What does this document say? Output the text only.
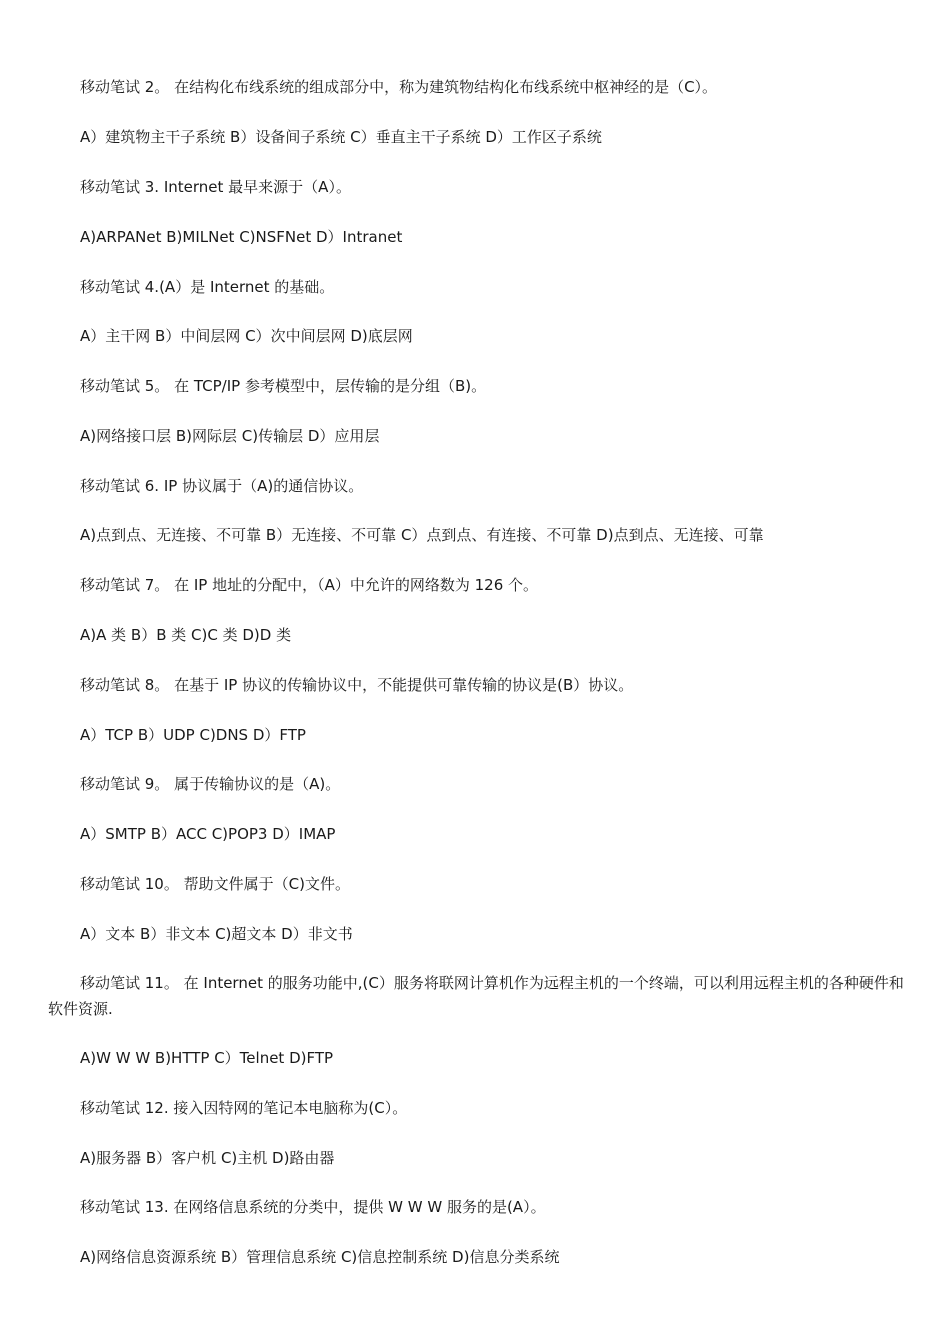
移动笔试 2。 在结构化布线系统的组成部分中，称为建筑物结构化布线系统中枢神经的是（C）。
A）建筑物主干子系统 B）设备间子系统 C）垂直主干子系统 D）工作区子系统
移动笔试 3. Internet 最早来源于（A）。
A)ARPANet B)MILNet C)NSFNet D）Intranet
移动笔试 4.(A）是 Internet 的基础。
A）主干网 B）中间层网 C）次中间层网 D)底层网
移动笔试 5。 在 TCP/IP 参考模型中，层传输的是分组（B)。
A)网络接口层 B)网际层 C)传输层 D）应用层
移动笔试 6. IP 协议属于（A)的通信协议。
A)点到点、无连接、不可靠 B）无连接、不可靠 C）点到点、有连接、不可靠 D)点到点、无连接、可靠
移动笔试 7。 在 IP 地址的分配中，（A）中允许的网络数为 126 个。
A)A 类 B）B 类 C)C 类 D)D 类
移动笔试 8。 在基于 IP 协议的传输协议中，不能提供可靠传输的协议是(B）协议。
A）TCP B）UDP C)DNS D）FTP
移动笔试 9。 属于传输协议的是（A)。
A）SMTP B）ACC C)POP3 D）IMAP
移动笔试 10。 帮助文件属于（C)文件。
A）文本 B）非文本 C)超文本 D）非文书
移动笔试 11。 在 Internet 的服务功能中,(C）服务将联网计算机作为远程主机的一个终端，可以利用远程主机的各种硬件和软件资源.
A)W W W B)HTTP C）Telnet D)FTP
移动笔试 12. 接入因特网的笔记本电脑称为(C）。
A)服务器 B）客户机 C)主机 D)路由器
移动笔试 13. 在网络信息系统的分类中，提供 W W W 服务的是(A）。
A)网络信息资源系统 B）管理信息系统 C)信息控制系统 D)信息分类系统
